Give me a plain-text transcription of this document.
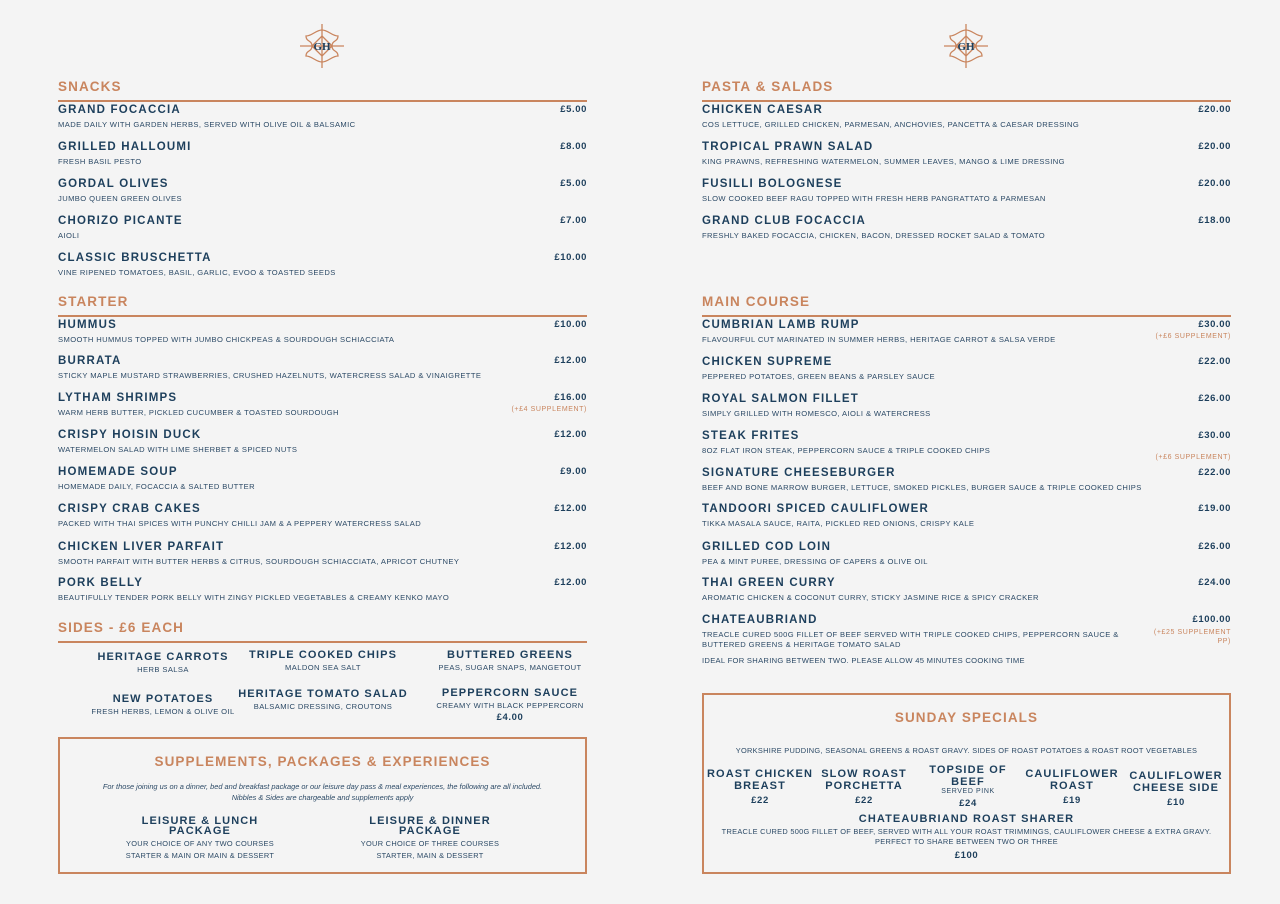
GH
SNACKS
GRAND FOCACCIA
MADE DAILY WITH GARDEN HERBS, SERVED WITH OLIVE OIL & BALSAMIC
£5.00
GRILLED HALLOUMI
FRESH BASIL PESTO
£8.00
GORDAL OLIVES
JUMBO QUEEN GREEN OLIVES
£5.00
CHORIZO PICANTE
AIOLI
£7.00
CLASSIC BRUSCHETTA
VINE RIPENED TOMATOES, BASIL, GARLIC, EVOO & TOASTED SEEDS
£10.00
STARTER
HUMMUS
SMOOTH HUMMUS TOPPED WITH JUMBO CHICKPEAS & SOURDOUGH SCHIACCIATA
£10.00
BURRATA
STICKY MAPLE MUSTARD STRAWBERRIES, CRUSHED HAZELNUTS, WATERCRESS SALAD & VINAIGRETTE
£12.00
LYTHAM SHRIMPS
WARM HERB BUTTER, PICKLED CUCUMBER & TOASTED SOURDOUGH
£16.00
(+£4 SUPPLEMENT)
CRISPY HOISIN DUCK
WATERMELON SALAD WITH LIME SHERBET & SPICED NUTS
£12.00
HOMEMADE SOUP
HOMEMADE DAILY, FOCACCIA & SALTED BUTTER
£9.00
CRISPY CRAB CAKES
PACKED WITH THAI SPICES WITH PUNCHY CHILLI JAM & A PEPPERY WATERCRESS SALAD
£12.00
CHICKEN LIVER PARFAIT
SMOOTH PARFAIT WITH BUTTER HERBS & CITRUS, SOURDOUGH SCHIACCIATA, APRICOT CHUTNEY
£12.00
PORK BELLY
BEAUTIFULLY TENDER PORK BELLY WITH ZINGY PICKLED VEGETABLES & CREAMY KENKO MAYO
£12.00
SIDES - £6 EACH
HERITAGE CARROTS
HERB SALSA
TRIPLE COOKED CHIPS
MALDON SEA SALT
BUTTERED GREENS
PEAS, SUGAR SNAPS, MANGETOUT
NEW POTATOES
FRESH HERBS, LEMON & OLIVE OIL
HERITAGE TOMATO SALAD
BALSAMIC DRESSING, CROUTONS
PEPPERCORN SAUCE
CREAMY WITH BLACK PEPPERCORN
£4.00
SUPPLEMENTS, PACKAGES & EXPERIENCES
For those joining us on a dinner, bed and breakfast package or our leisure day pass & meal experiences, the following are all included.
Nibbles & Sides are chargeable and supplements apply
LEISURE & LUNCH PACKAGE
YOUR CHOICE OF ANY TWO COURSES
STARTER & MAIN OR MAIN & DESSERT
LEISURE & DINNER PACKAGE
YOUR CHOICE OF THREE COURSES
STARTER, MAIN & DESSERT
GH
PASTA & SALADS
CHICKEN CAESAR
COS LETTUCE, GRILLED CHICKEN, PARMESAN, ANCHOVIES, PANCETTA & CAESAR DRESSING
£20.00
TROPICAL PRAWN SALAD
KING PRAWNS, REFRESHING WATERMELON, SUMMER LEAVES, MANGO & LIME DRESSING
£20.00
FUSILLI BOLOGNESE
SLOW COOKED BEEF RAGU TOPPED WITH FRESH HERB PANGRATTATO & PARMESAN
£20.00
GRAND CLUB FOCACCIA
FRESHLY BAKED FOCACCIA, CHICKEN, BACON, DRESSED ROCKET SALAD & TOMATO
£18.00
MAIN COURSE
CUMBRIAN LAMB RUMP
FLAVOURFUL CUT MARINATED IN SUMMER HERBS, HERITAGE CARROT & SALSA VERDE
£30.00
(+£6 SUPPLEMENT)
CHICKEN SUPREME
PEPPERED POTATOES, GREEN BEANS & PARSLEY SAUCE
£22.00
ROYAL SALMON FILLET
SIMPLY GRILLED WITH ROMESCO, AIOLI & WATERCRESS
£26.00
STEAK FRITES
8OZ FLAT IRON STEAK, PEPPERCORN SAUCE & TRIPLE COOKED CHIPS
£30.00
(+£6 SUPPLEMENT)
SIGNATURE CHEESEBURGER
BEEF AND BONE MARROW BURGER, LETTUCE, SMOKED PICKLES, BURGER SAUCE & TRIPLE COOKED CHIPS
£22.00
TANDOORI SPICED CAULIFLOWER
TIKKA MASALA SAUCE, RAITA, PICKLED RED ONIONS, CRISPY KALE
£19.00
GRILLED COD LOIN
PEA & MINT PUREE, DRESSING OF CAPERS & OLIVE OIL
£26.00
THAI GREEN CURRY
AROMATIC CHICKEN & COCONUT CURRY, STICKY JASMINE RICE & SPICY CRACKER
£24.00
CHATEAUBRIAND
TREACLE CURED 500G FILLET OF BEEF SERVED WITH TRIPLE COOKED CHIPS, PEPPERCORN SAUCE & BUTTERED GREENS & HERITAGE TOMATO SALAD
£100.00
(+£25 SUPPLEMENT PP)
IDEAL FOR SHARING BETWEEN TWO. PLEASE ALLOW 45 MINUTES COOKING TIME
SUNDAY SPECIALS
YORKSHIRE PUDDING, SEASONAL GREENS & ROAST GRAVY. SIDES OF ROAST POTATOES & ROAST ROOT VEGETABLES
ROAST CHICKEN BREAST
£22
SLOW ROAST PORCHETTA
£22
TOPSIDE OF BEEF
SERVED PINK
£24
CAULIFLOWER ROAST
£19
CAULIFLOWER CHEESE SIDE
£10
CHATEAUBRIAND ROAST SHARER
TREACLE CURED 500G FILLET OF BEEF, SERVED WITH ALL YOUR ROAST TRIMMINGS, CAULIFLOWER CHEESE & EXTRA GRAVY. PERFECT TO SHARE BETWEEN TWO OR THREE
£100
